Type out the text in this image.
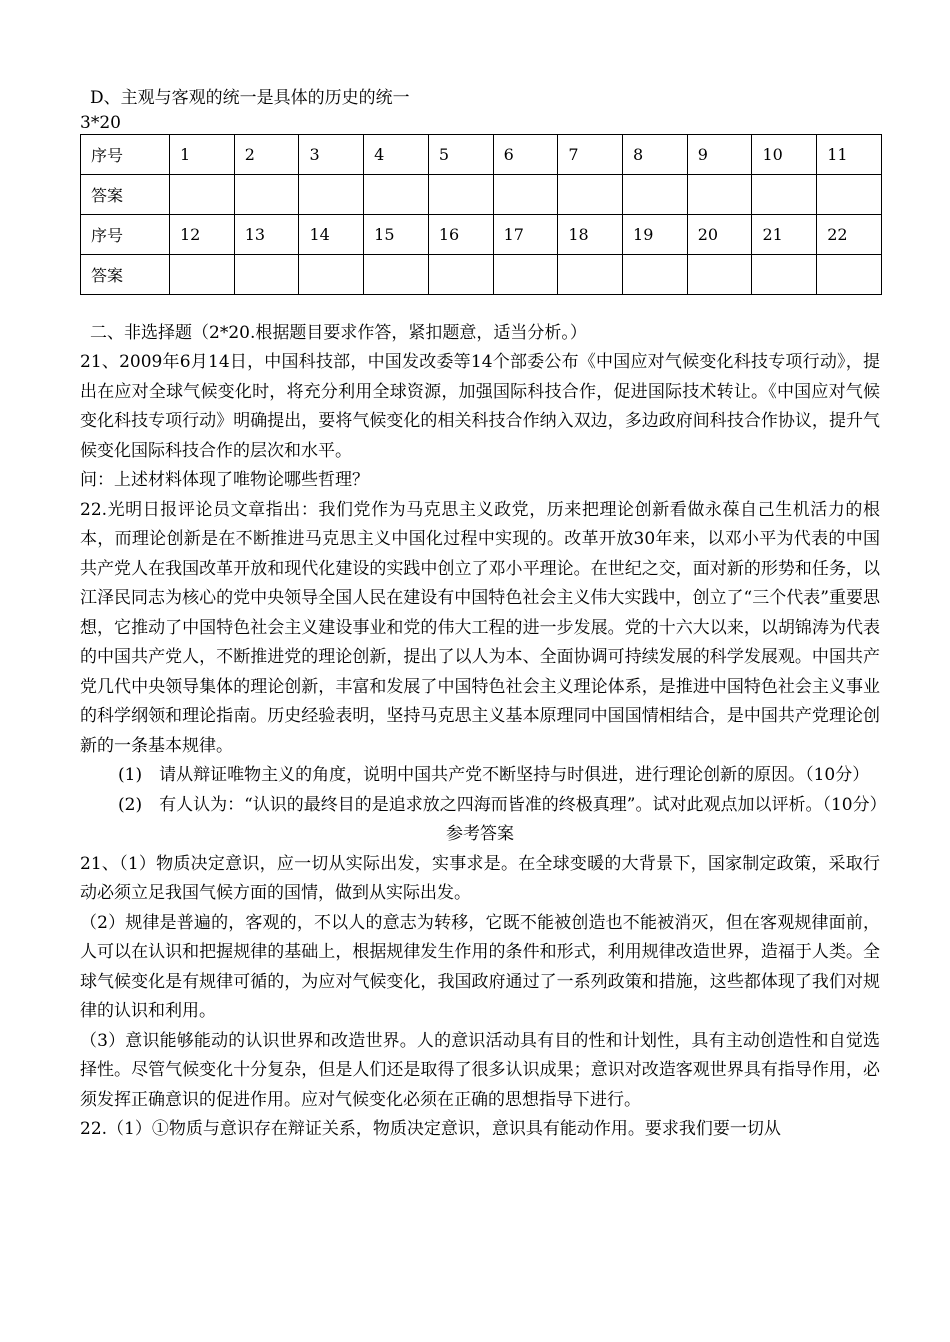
D、主观与客观的统一是具体的历史的统一
3*20
序号	1	2	3	4	5	6	7	8	9	10	11
答案											
序号	12	13	14	15	16	17	18	19	20	21	22
答案											
二、非选择题（2*20.根据题目要求作答，紧扣题意，适当分析。）
21、2009年6月14日，中国科技部，中国发改委等14个部委公布《中国应对气候变化科技专项行动》，提出在应对全球气候变化时，将充分利用全球资源，加强国际科技合作，促进国际技术转让。《中国应对气候变化科技专项行动》明确提出，要将气候变化的相关科技合作纳入双边，多边政府间科技合作协议，提升气候变化国际科技合作的层次和水平。
问：上述材料体现了唯物论哪些哲理？
22.光明日报评论员文章指出：我们党作为马克思主义政党，历来把理论创新看做永葆自己生机活力的根本，而理论创新是在不断推进马克思主义中国化过程中实现的。改革开放30年来，以邓小平为代表的中国共产党人在我国改革开放和现代化建设的实践中创立了邓小平理论。在世纪之交，面对新的形势和任务，以江泽民同志为核心的党中央领导全国人民在建设有中国特色社会主义伟大实践中，创立了“三个代表”重要思想，它推动了中国特色社会主义建设事业和党的伟大工程的进一步发展。党的十六大以来，以胡锦涛为代表的中国共产党人，不断推进党的理论创新，提出了以人为本、全面协调可持续发展的科学发展观。中国共产党几代中央领导集体的理论创新，丰富和发展了中国特色社会主义理论体系，是推进中国特色社会主义事业的科学纲领和理论指南。历史经验表明，坚持马克思主义基本原理同中国国情相结合，是中国共产党理论创新的一条基本规律。
(1)　请从辩证唯物主义的角度，说明中国共产党不断坚持与时俱进，进行理论创新的原因。（10分）
(2)　有人认为：“认识的最终目的是追求放之四海而皆准的终极真理”。试对此观点加以评析。（10分）
参考答案
21、（1）物质决定意识，应一切从实际出发，实事求是。在全球变暖的大背景下，国家制定政策，采取行动必须立足我国气候方面的国情，做到从实际出发。
（2）规律是普遍的，客观的，不以人的意志为转移，它既不能被创造也不能被消灭，但在客观规律面前，人可以在认识和把握规律的基础上，根据规律发生作用的条件和形式，利用规律改造世界，造福于人类。全球气候变化是有规律可循的，为应对气候变化，我国政府通过了一系列政策和措施，这些都体现了我们对规律的认识和利用。
（3）意识能够能动的认识世界和改造世界。人的意识活动具有目的性和计划性，具有主动创造性和自觉选择性。尽管气候变化十分复杂，但是人们还是取得了很多认识成果；意识对改造客观世界具有指导作用，必须发挥正确意识的促进作用。应对气候变化必须在正确的思想指导下进行。
22.（1）①物质与意识存在辩证关系，物质决定意识，意识具有能动作用。要求我们要一切从
